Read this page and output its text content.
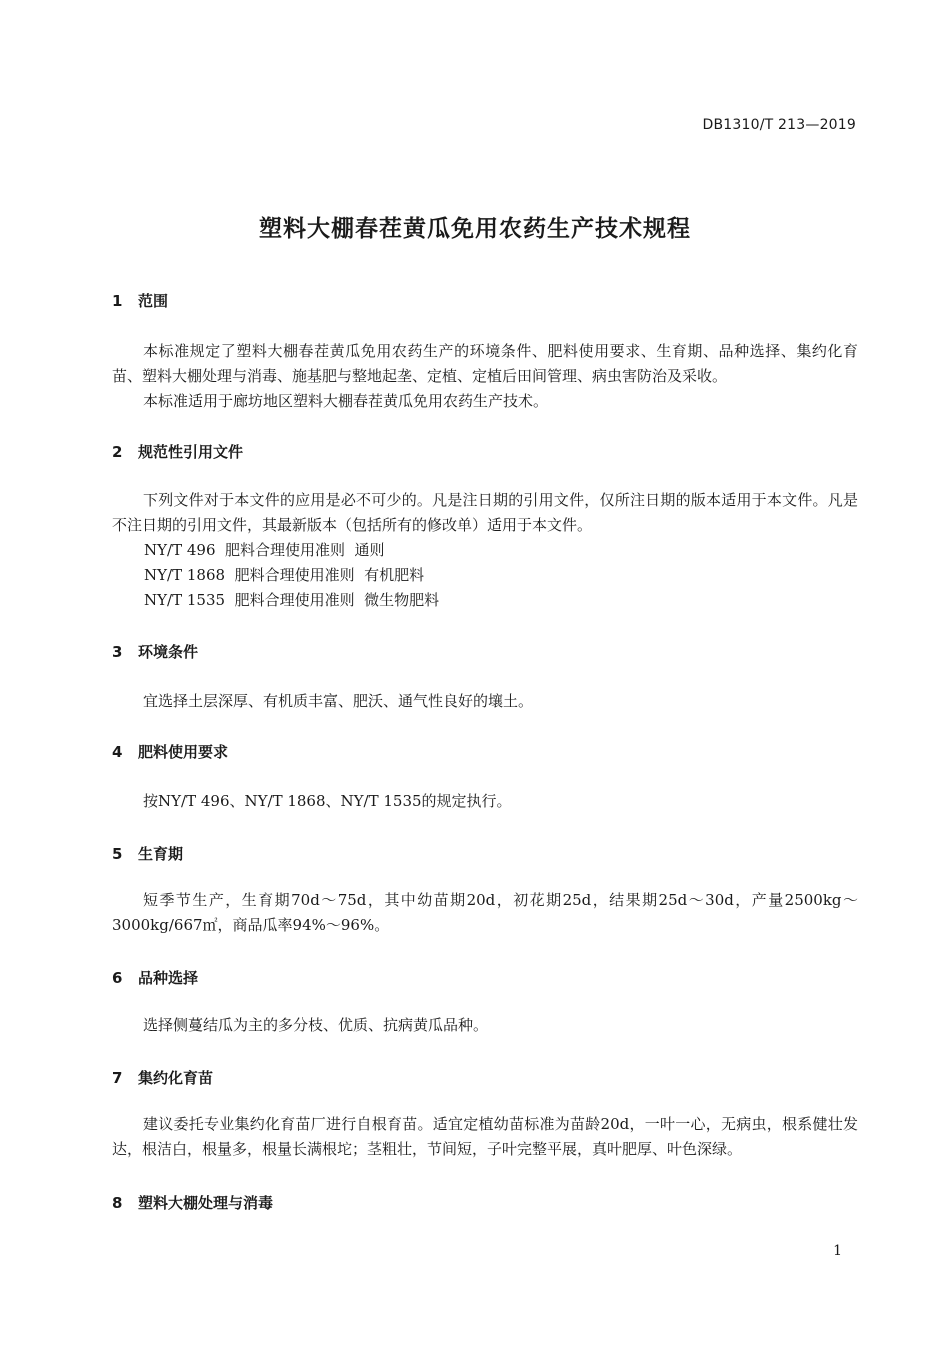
DB1310/T 213—2019
塑料大棚春茬黄瓜免用农药生产技术规程
1 范围
本标准规定了塑料大棚春茬黄瓜免用农药生产的环境条件、肥料使用要求、生育期、品种选择、集约化育苗、塑料大棚处理与消毒、施基肥与整地起垄、定植、定植后田间管理、病虫害防治及采收。
本标准适用于廊坊地区塑料大棚春茬黄瓜免用农药生产技术。
2 规范性引用文件
下列文件对于本文件的应用是必不可少的。凡是注日期的引用文件，仅所注日期的版本适用于本文件。凡是不注日期的引用文件，其最新版本（包括所有的修改单）适用于本文件。
NY/T 496  肥料合理使用准则  通则
NY/T 1868  肥料合理使用准则  有机肥料
NY/T 1535  肥料合理使用准则  微生物肥料
3 环境条件
宜选择土层深厚、有机质丰富、肥沃、通气性良好的壤土。
4 肥料使用要求
按NY/T 496、NY/T 1868、NY/T 1535的规定执行。
5 生育期
短季节生产，生育期70d～75d，其中幼苗期20d，初花期25d，结果期25d～30d，产量2500kg～3000kg/667㎡，商品瓜率94%～96%。
6 品种选择
选择侧蔓结瓜为主的多分枝、优质、抗病黄瓜品种。
7 集约化育苗
建议委托专业集约化育苗厂进行自根育苗。适宜定植幼苗标准为苗龄20d，一叶一心，无病虫，根系健壮发达，根洁白，根量多，根量长满根坨；茎粗壮，节间短，子叶完整平展，真叶肥厚、叶色深绿。
8 塑料大棚处理与消毒
1
